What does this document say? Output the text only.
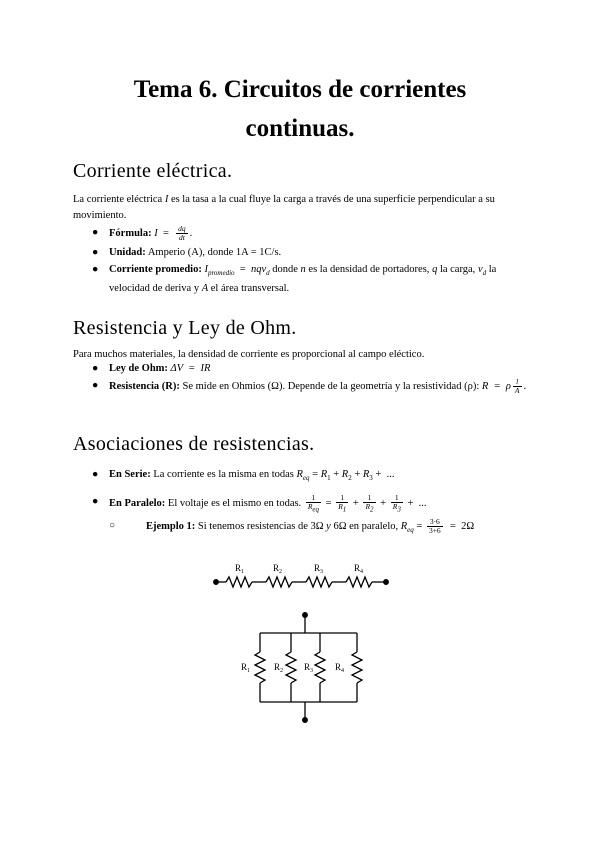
Tema 6. Circuitos de corrientes
continuas.
Corriente eléctrica.
La corriente eléctrica I es la tasa a la cual fluye la carga a través de una superficie perpendicular a su movimiento.
● Fórmula: $I = \frac{dq}{dt}$ .
● Unidad: Amperio (A), donde 1A = 1C/s.
● Corriente promedio: $I_{promedio} = nqv_d$ donde n es la densidad de portadores, q la carga, $v_d$ la velocidad de deriva y A el área transversal.
Resistencia y Ley de Ohm.
Para muchos materiales, la densidad de corriente es proporcional al campo eléctico.
● Ley de Ohm: ΔV  =  IR
● Resistencia (R): Se mide en Ohmios (Ω). Depende de la geometría y la resistividad (ρ): R  =  ρ $\frac{l}{A}$ .
Asociaciones de resistencias.
● En Serie: La corriente es la misma en todas $R_{eq} = R_1 + R_2 + R_3$ +  ...
● En Paralelo: El voltaje es el mismo en todas. $\frac{1}{R_{eq}} = \frac{1}{R_1} + \frac{1}{R_2} + \frac{1}{R_3}$ +  ...
○	Ejemplo 1: Si tenemos resistencias de 3Ω y 6Ω en paralelo, $R_{eq} = \frac{3\cdot 6}{3+6} = 2\Omega$
$R_1$	$R_2$	$R_3$	$R_4$
$R_1$	$R_2$ $R_3$ $R_4$
